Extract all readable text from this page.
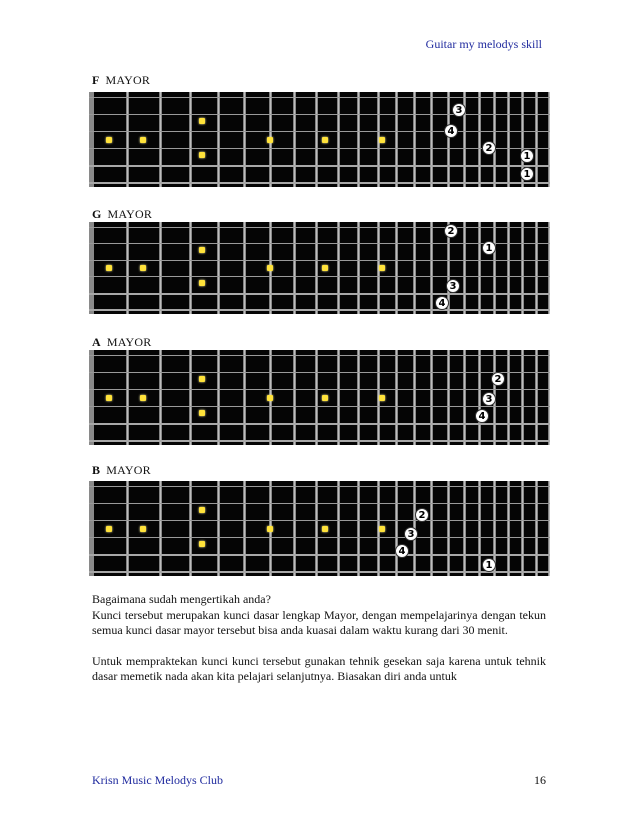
Guitar my melodys skill
F MAYOR
3
4
2
1
1
G MAYOR
2
1
3
4
A MAYOR
2
3
4
B MAYOR
2
3
4
1

Bagaimana sudah mengertikah anda?

Kunci tersebut merupakan kunci dasar lengkap Mayor, dengan mempelajarinya dengan tekun semua kunci dasar mayor tersebut bisa anda kuasai dalam waktu kurang dari 30 menit.

Untuk mempraktekan kunci kunci tersebut gunakan tehnik gesekan saja karena untuk tehnik dasar memetik nada akan kita pelajari selanjutnya. Biasakan diri anda untuk

Krisn Music Melodys Club	16
